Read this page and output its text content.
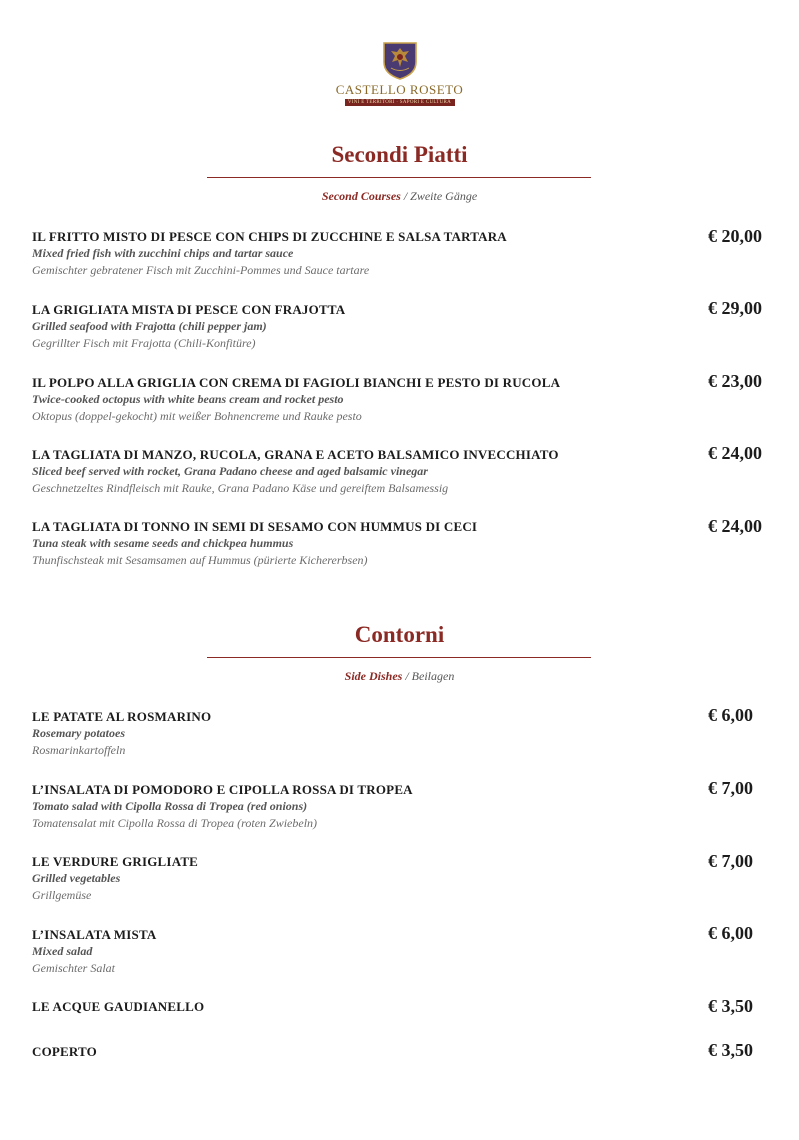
CASTELLO ROSETO
VINI E TERRITORI · SAPORI E CULTURA
Secondi Piatti
Second Courses / Zweite Gänge
IL FRITTO MISTO DI PESCE CON CHIPS DI ZUCCHINE E SALSA TARTARA
Mixed fried fish with zucchini chips and tartar sauce
Gemischter gebratener Fisch mit Zucchini-Pommes und Sauce tartare
€ 20,00
LA GRIGLIATA MISTA DI PESCE CON FRAJOTTA
Grilled seafood with Frajotta (chili pepper jam)
Gegrillter Fisch mit Frajotta (Chili-Konfitüre)
€ 29,00
IL POLPO ALLA GRIGLIA CON CREMA DI FAGIOLI BIANCHI E PESTO DI RUCOLA
Twice-cooked octopus with white beans cream and rocket pesto
Oktopus (doppel-gekocht) mit weißer Bohnencreme und Rauke pesto
€ 23,00
LA TAGLIATA DI MANZO, RUCOLA, GRANA E ACETO BALSAMICO INVECCHIATO
Sliced beef served with rocket, Grana Padano cheese and aged balsamic vinegar
Geschnetzeltes Rindfleisch mit Rauke, Grana Padano Käse und gereiftem Balsamessig
€ 24,00
LA TAGLIATA DI TONNO IN SEMI DI SESAMO CON HUMMUS DI CECI
Tuna steak with sesame seeds and chickpea hummus
Thunfischsteak mit Sesamsamen auf Hummus (pürierte Kichererbsen)
€ 24,00
Contorni
Side Dishes / Beilagen
LE PATATE AL ROSMARINO
Rosemary potatoes
Rosmarinkartoffeln
€ 6,00
L’INSALATA DI POMODORO E CIPOLLA ROSSA DI TROPEA
Tomato salad with Cipolla Rossa di Tropea (red onions)
Tomatensalat mit Cipolla Rossa di Tropea (roten Zwiebeln)
€ 7,00
LE VERDURE GRIGLIATE
Grilled vegetables
Grillgemüse
€ 7,00
L’INSALATA MISTA
Mixed salad
Gemischter Salat
€ 6,00
LE ACQUE GAUDIANELLO	€ 3,50
COPERTO	€ 3,50
